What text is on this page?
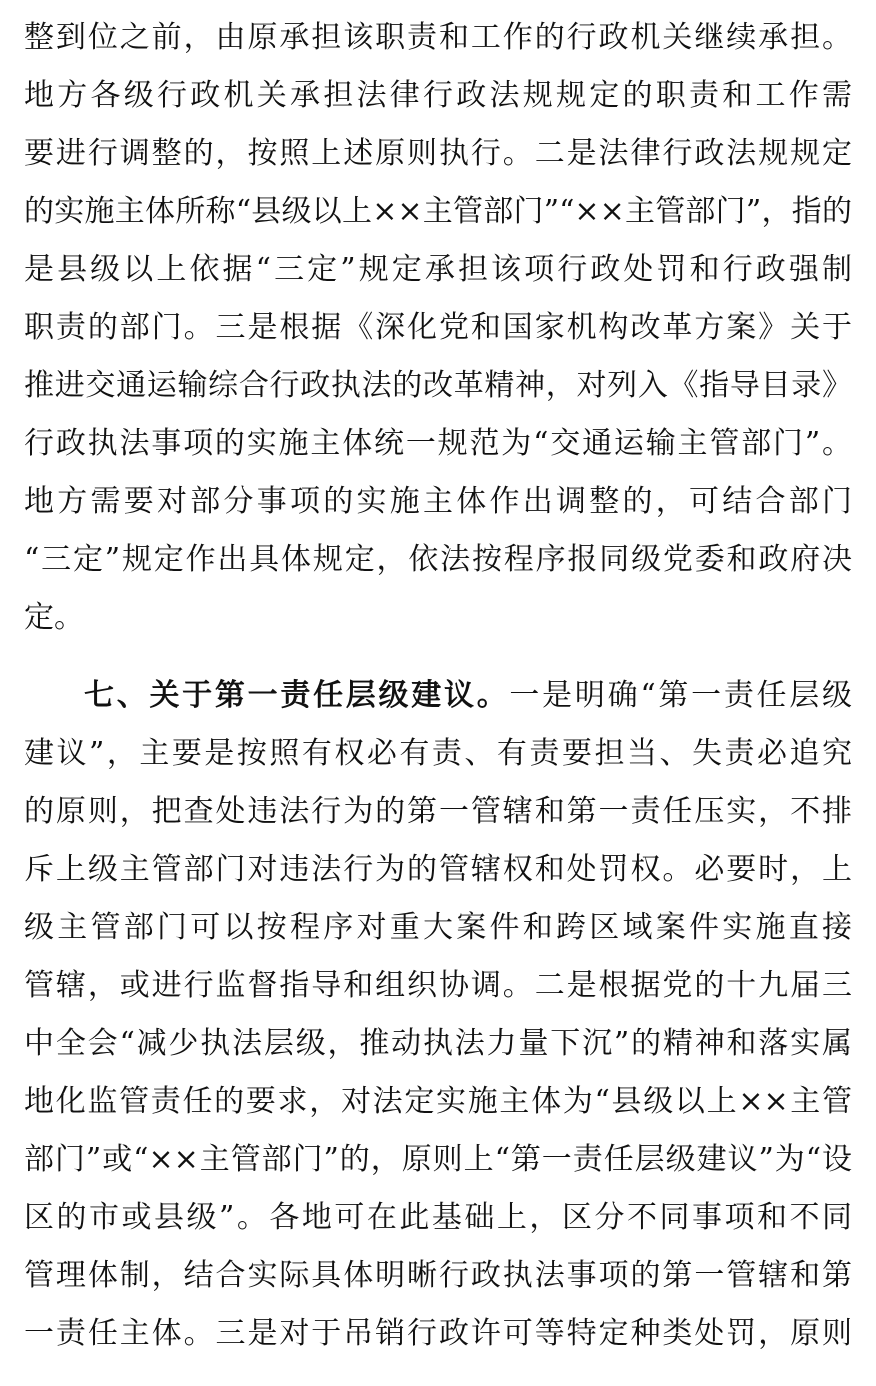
整到位之前，由原承担该职责和工作的行政机关继续承担。
地方各级行政机关承担法律行政法规规定的职责和工作需
要进行调整的，按照上述原则执行。二是法律行政法规规定
的实施主体所称“县级以上××主管部门”“××主管部门”，指的
是县级以上依据“三定”规定承担该项行政处罚和行政强制
职责的部门。三是根据《深化党和国家机构改革方案》关于
推进交通运输综合行政执法的改革精神，对列入《指导目录》
行政执法事项的实施主体统一规范为“交通运输主管部门”。
地方需要对部分事项的实施主体作出调整的，可结合部门
“三定”规定作出具体规定，依法按程序报同级党委和政府决
定。
七、关于第一责任层级建议。一是明确“第一责任层级
建议”，主要是按照有权必有责、有责要担当、失责必追究
的原则，把查处违法行为的第一管辖和第一责任压实，不排
斥上级主管部门对违法行为的管辖权和处罚权。必要时，上
级主管部门可以按程序对重大案件和跨区域案件实施直接
管辖，或进行监督指导和组织协调。二是根据党的十九届三
中全会“减少执法层级，推动执法力量下沉”的精神和落实属
地化监管责任的要求，对法定实施主体为“县级以上××主管
部门”或“××主管部门”的，原则上“第一责任层级建议”为“设
区的市或县级”。各地可在此基础上，区分不同事项和不同
管理体制，结合实际具体明晰行政执法事项的第一管辖和第
一责任主体。三是对于吊销行政许可等特定种类处罚，原则
